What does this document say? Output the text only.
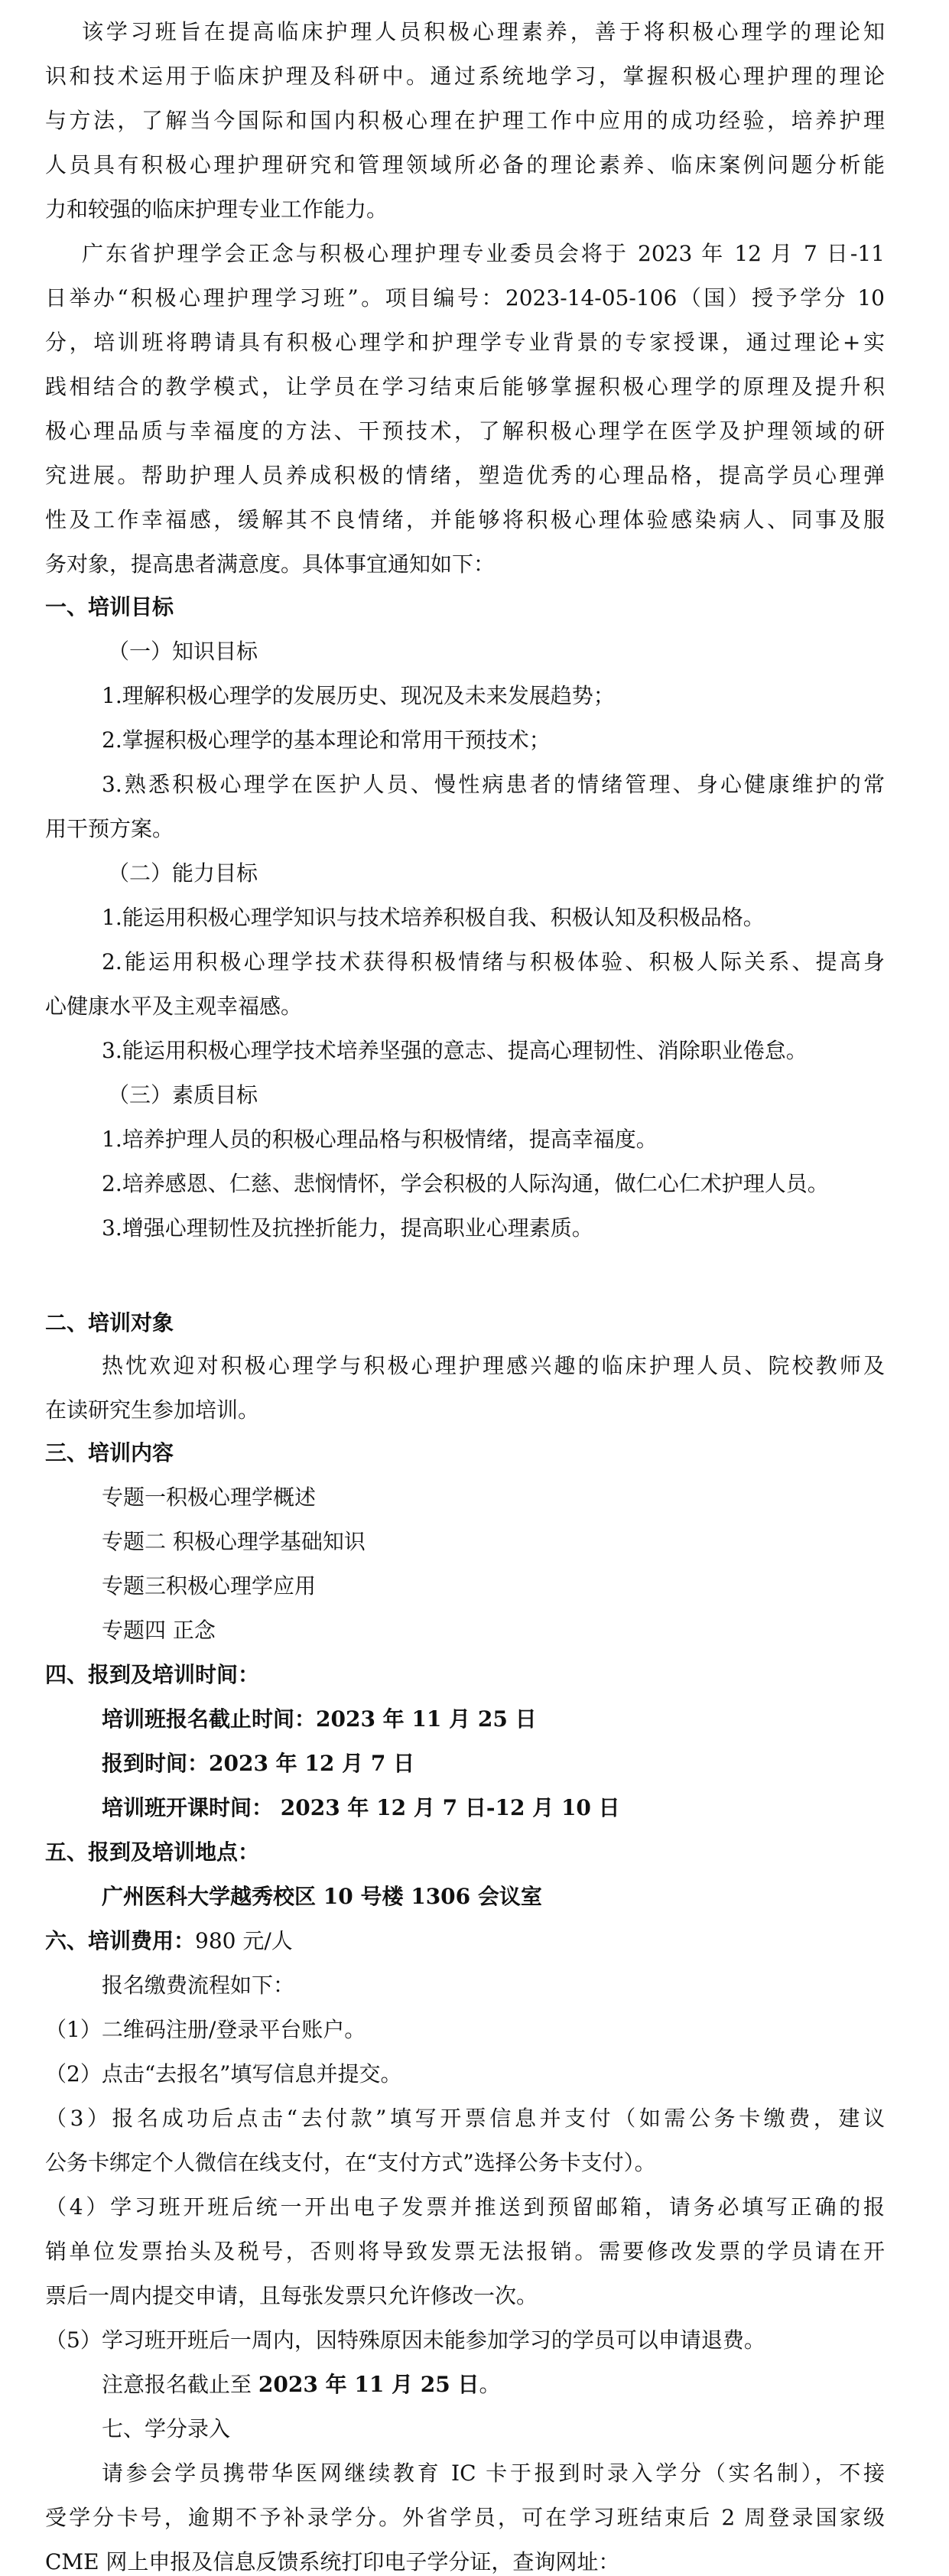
该学习班旨在提高临床护理人员积极心理素养，善于将积极心理学的理论知
识和技术运用于临床护理及科研中。通过系统地学习，掌握积极心理护理的理论
与方法，了解当今国际和国内积极心理在护理工作中应用的成功经验，培养护理
人员具有积极心理护理研究和管理领域所必备的理论素养、临床案例问题分析能
力和较强的临床护理专业工作能力。
广东省护理学会正念与积极心理护理专业委员会将于 2023 年 12 月 7 日-11
日举办“积极心理护理学习班”。项目编号：2023-14-05-106（国）授予学分 10
分，培训班将聘请具有积极心理学和护理学专业背景的专家授课，通过理论+实
践相结合的教学模式，让学员在学习结束后能够掌握积极心理学的原理及提升积
极心理品质与幸福度的方法、干预技术，了解积极心理学在医学及护理领域的研
究进展。帮助护理人员养成积极的情绪，塑造优秀的心理品格，提高学员心理弹
性及工作幸福感，缓解其不良情绪，并能够将积极心理体验感染病人、同事及服
务对象，提高患者满意度。具体事宜通知如下：
一、培训目标
（一）知识目标
1.理解积极心理学的发展历史、现况及未来发展趋势；
2.掌握积极心理学的基本理论和常用干预技术；
3.熟悉积极心理学在医护人员、慢性病患者的情绪管理、身心健康维护的常
用干预方案。
（二）能力目标
1.能运用积极心理学知识与技术培养积极自我、积极认知及积极品格。
2.能运用积极心理学技术获得积极情绪与积极体验、积极人际关系、提高身
心健康水平及主观幸福感。
3.能运用积极心理学技术培养坚强的意志、提高心理韧性、消除职业倦怠。
（三）素质目标
1.培养护理人员的积极心理品格与积极情绪，提高幸福度。
2.培养感恩、仁慈、悲悯情怀，学会积极的人际沟通，做仁心仁术护理人员。
3.增强心理韧性及抗挫折能力，提高职业心理素质。
二、培训对象
热忱欢迎对积极心理学与积极心理护理感兴趣的临床护理人员、院校教师及
在读研究生参加培训。
三、培训内容
专题一积极心理学概述
专题二 积极心理学基础知识
专题三积极心理学应用
专题四 正念
四、报到及培训时间：
培训班报名截止时间：2023 年 11 月 25 日
报到时间：2023 年 12 月 7 日
培训班开课时间： 2023 年 12 月 7 日-12 月 10 日
五、报到及培训地点：
广州医科大学越秀校区 10 号楼 1306 会议室
六、培训费用：980 元/人
报名缴费流程如下：
（1）二维码注册/登录平台账户。
（2）点击“去报名”填写信息并提交。
（3）报名成功后点击“去付款”填写开票信息并支付（如需公务卡缴费，建议
公务卡绑定个人微信在线支付，在“支付方式”选择公务卡支付）。
（4）学习班开班后统一开出电子发票并推送到预留邮箱，请务必填写正确的报
销单位发票抬头及税号，否则将导致发票无法报销。需要修改发票的学员请在开
票后一周内提交申请，且每张发票只允许修改一次。
（5）学习班开班后一周内，因特殊原因未能参加学习的学员可以申请退费。
注意报名截止至 2023 年 11 月 25 日。
七、学分录入
请参会学员携带华医网继续教育 IC 卡于报到时录入学分（实名制），不接
受学分卡号，逾期不予补录学分。外省学员，可在学习班结束后 2 周登录国家级
CME 网上申报及信息反馈系统打印电子学分证，查询网址：
